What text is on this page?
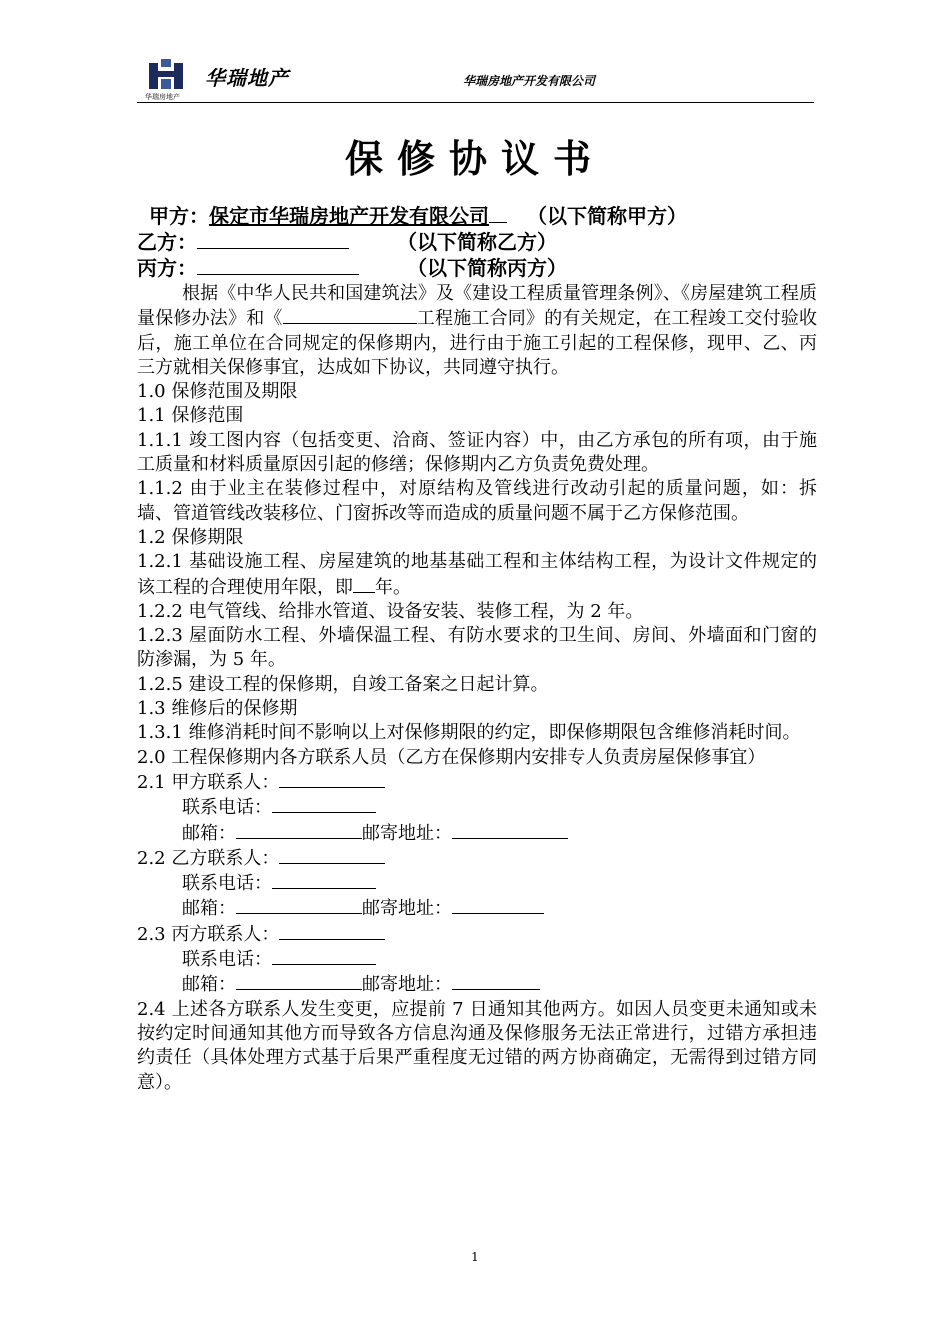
华瑞房地产
华瑞地产	华瑞房地产开发有限公司
保修协议书
甲方：保定市华瑞房地产开发有限公司 （以下简称甲方）
乙方：	（以下简称乙方）
丙方：	（以下简称丙方）

根据《中华人民共和国建筑法》及《建设工程质量管理条例》、《房屋建筑工程质量保修办法》和《	工程施工合同》的有关规定，在工程竣工交付验收后，施工单位在合同规定的保修期内，进行由于施工引起的工程保修，现甲、乙、丙三方就相关保修事宜，达成如下协议，共同遵守执行。

1.0 保修范围及期限

1.1 保修范围

1.1.1 竣工图内容（包括变更、洽商、签证内容）中，由乙方承包的所有项，由于施工质量和材料质量原因引起的修缮；保修期内乙方负责免费处理。

1.1.2 由于业主在装修过程中，对原结构及管线进行改动引起的质量问题，如：拆墙、管道管线改装移位、门窗拆改等而造成的质量问题不属于乙方保修范围。

1.2 保修期限

1.2.1 基础设施工程、房屋建筑的地基基础工程和主体结构工程，为设计文件规定的该工程的合理使用年限，即 年。

1.2.2 电气管线、给排水管道、设备安装、装修工程，为 2 年。

1.2.3 屋面防水工程、外墙保温工程、有防水要求的卫生间、房间、外墙面和门窗的防渗漏，为 5 年。

1.2.5 建设工程的保修期，自竣工备案之日起计算。

1.3 维修后的保修期

1.3.1 维修消耗时间不影响以上对保修期限的约定，即保修期限包含维修消耗时间。

2.0 工程保修期内各方联系人员（乙方在保修期内安排专人负责房屋保修事宜）

2.1 甲方联系人：
联系电话：
邮箱：	邮寄地址：
2.2 乙方联系人：
联系电话：
邮箱：	邮寄地址：
2.3 丙方联系人：
联系电话：
邮箱：	邮寄地址：

2.4 上述各方联系人发生变更，应提前 7 日通知其他两方。如因人员变更未通知或未按约定时间通知其他方而导致各方信息沟通及保修服务无法正常进行，过错方承担违约责任（具体处理方式基于后果严重程度无过错的两方协商确定，无需得到过错方同意）。

1
